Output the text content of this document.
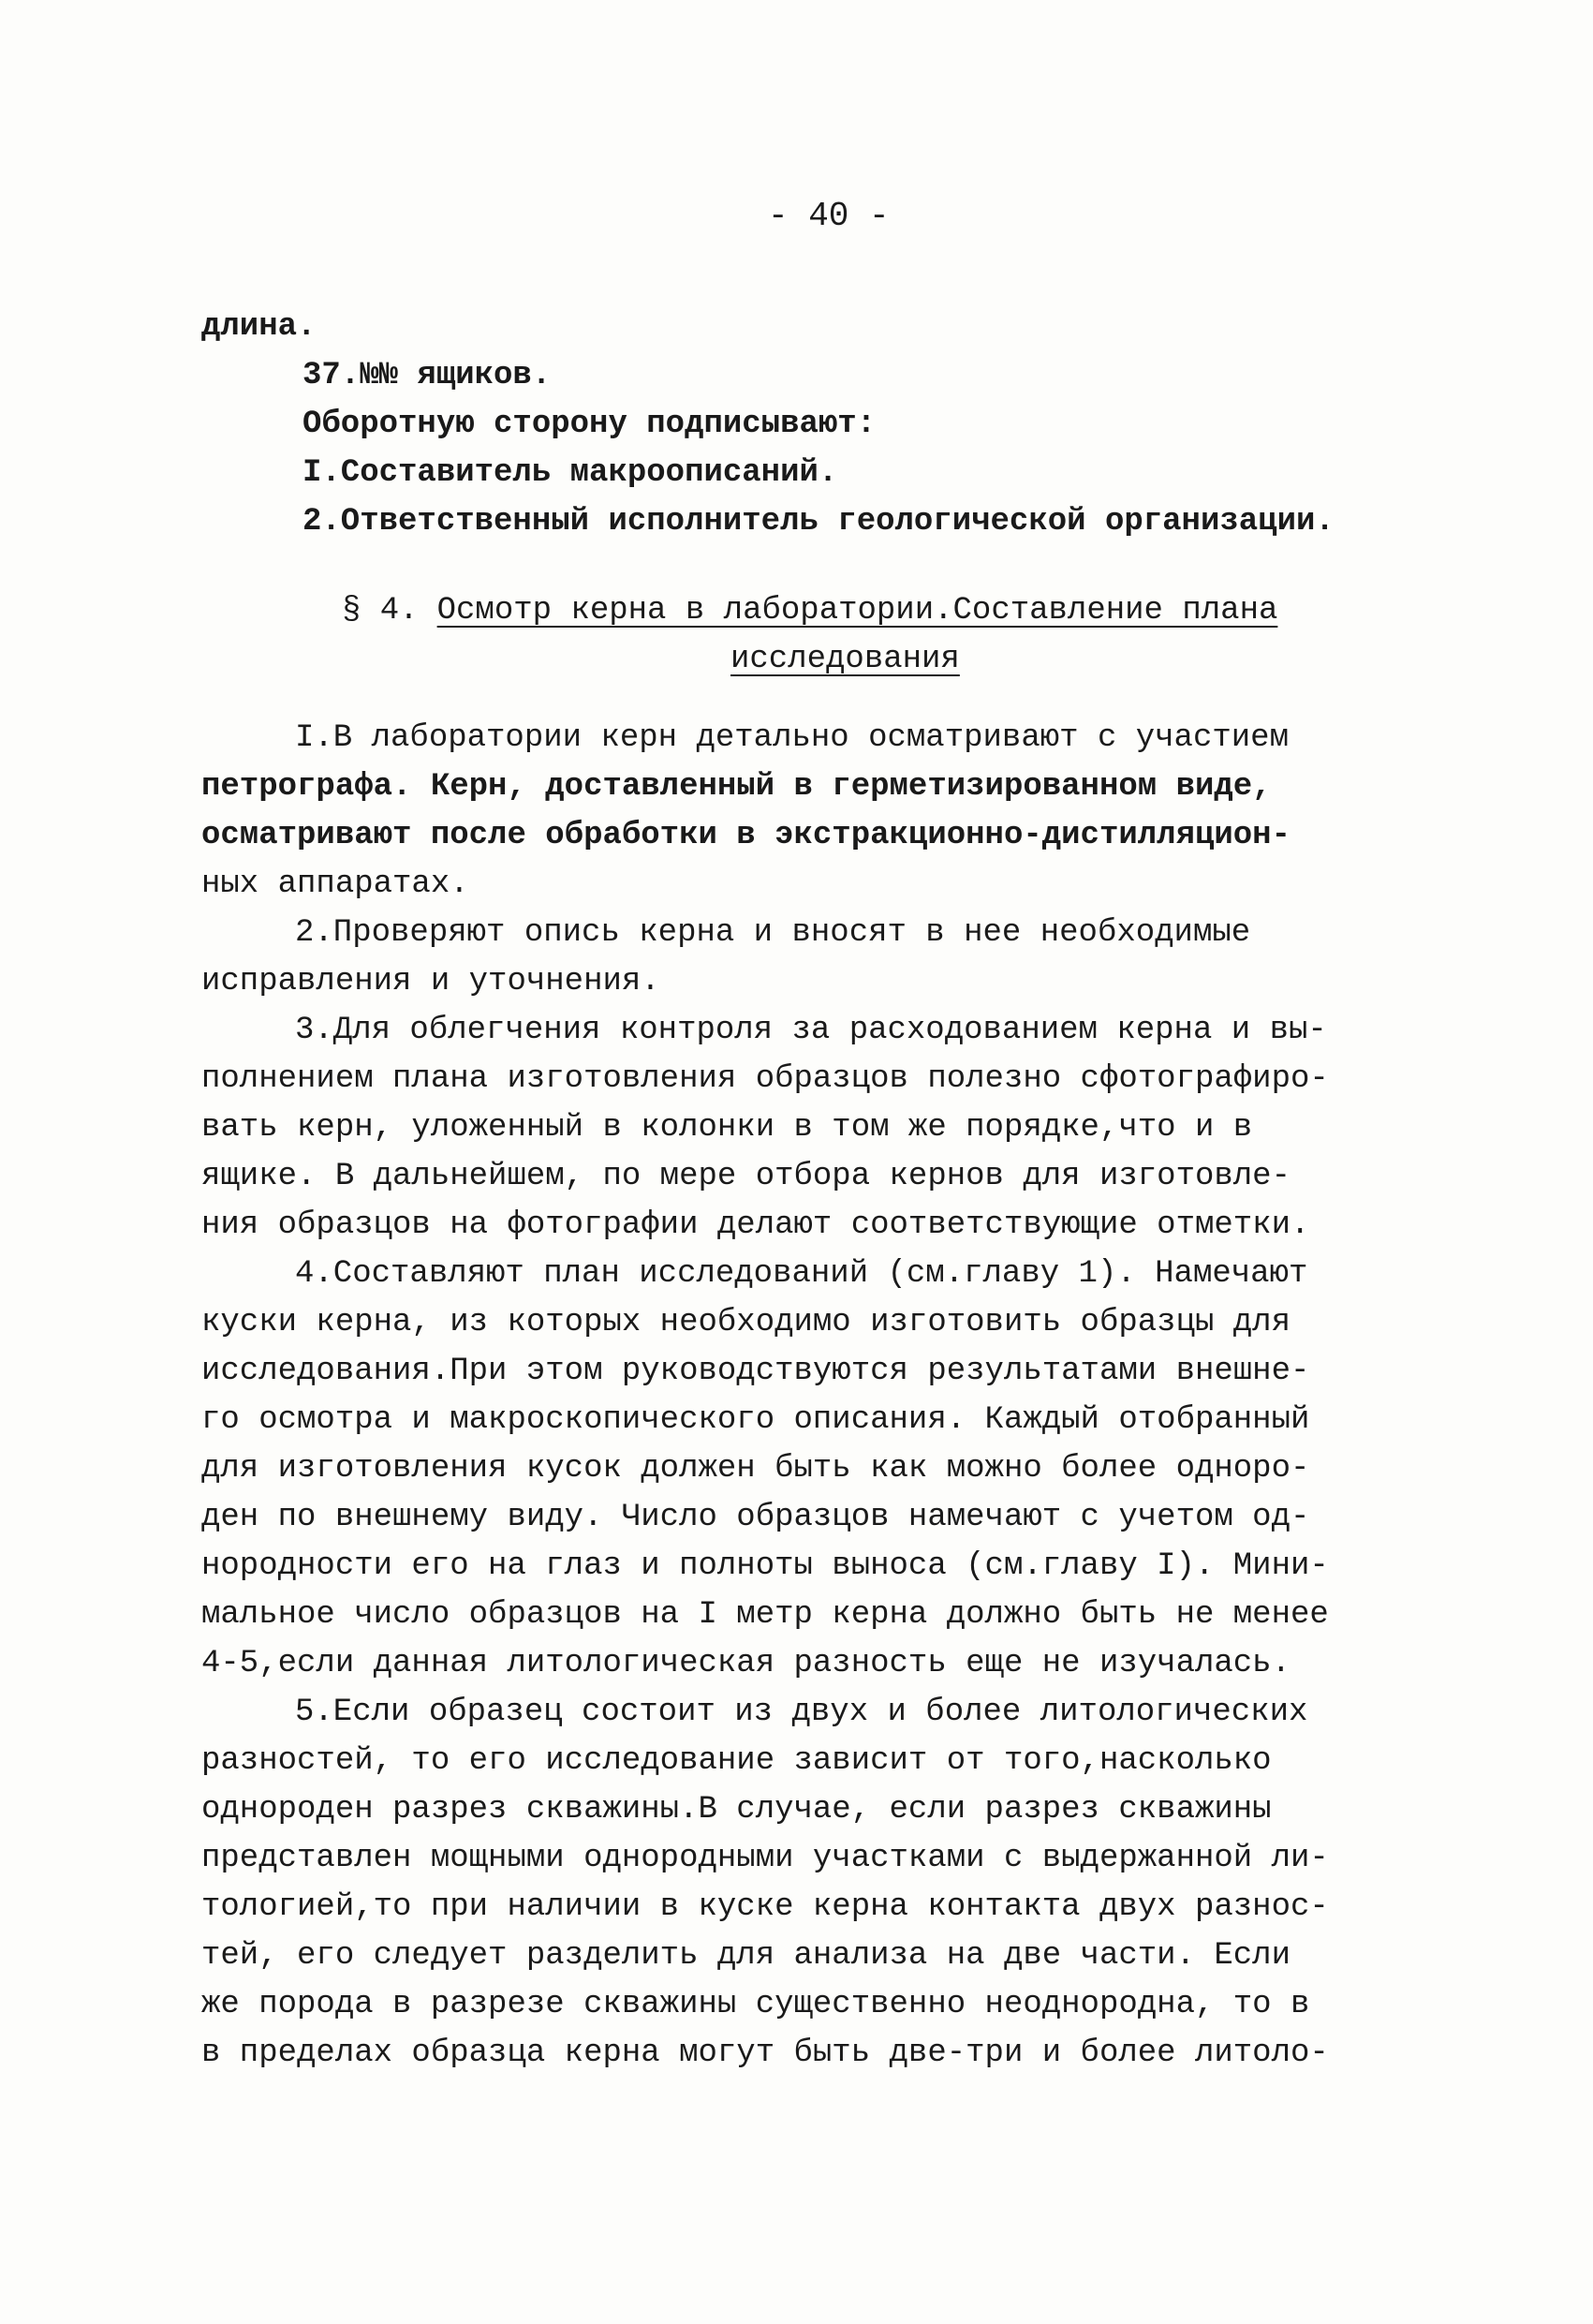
- 40 -
длина.
37.№№ ящиков.
Оборотную сторону подписывают:
I.Составитель макроописаний.
2.Ответственный исполнитель геологической организации.
§ 4. Осмотр керна в лаборатории.Составление плана
исследования
I.В лаборатории керн детально осматривают с участием
петрографа. Керн, доставленный в герметизированном виде,
осматривают после обработки в экстракционно-дистилляцион-
ных аппаратах.
2.Проверяют опись керна и вносят в нее необходимые
исправления и уточнения.
3.Для облегчения контроля за расходованием керна и вы-
полнением плана изготовления образцов полезно сфотографиро-
вать керн, уложенный в колонки в том же порядке,что и в
ящике. В дальнейшем, по мере отбора кернов для изготовле-
ния образцов на фотографии делают соответствующие отметки.
4.Составляют план исследований (см.главу 1). Намечают
куски керна, из которых необходимо изготовить образцы для
исследования.При этом руководствуются результатами внешне-
го осмотра и макроскопического описания. Каждый отобранный
для изготовления кусок должен быть как можно более одноро-
ден по внешнему виду. Число образцов намечают с учетом од-
нородности его на глаз и полноты выноса (см.главу I). Мини-
мальное число образцов на I метр керна должно быть не менее
4-5,если данная литологическая разность еще не изучалась.
5.Если образец состоит из двух и более литологических
разностей, то его исследование зависит от того,насколько
однороден разрез скважины.В случае, если разрез скважины
представлен мощными однородными участками с выдержанной ли-
тологией,то при наличии в куске керна контакта двух разнос-
тей, его следует разделить для анализа на две части. Если
же порода в разрезе скважины существенно неоднородна, то в
в пределах образца керна могут быть две-три и более литоло-
